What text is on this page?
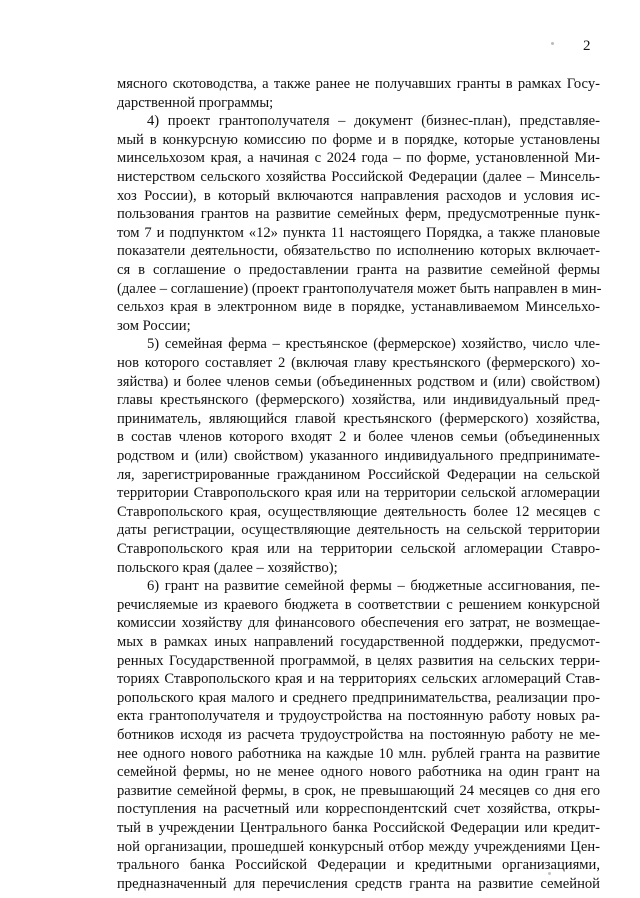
2
мясного скотоводства, а также ранее не получавших гранты в рамках Госу-
дарственной программы;
4) проект грантополучателя – документ (бизнес-план), представляе-
мый в конкурсную комиссию по форме и в порядке, которые установлены
минсельхозом края, а начиная с 2024 года – по форме, установленной Ми-
нистерством сельского хозяйства Российской Федерации (далее – Минсель-
хоз России), в который включаются направления расходов и условия ис-
пользования грантов на развитие семейных ферм, предусмотренные пунк-
том 7 и подпунктом «12» пункта 11 настоящего Порядка, а также плановые
показатели деятельности, обязательство по исполнению которых включает-
ся в соглашение о предоставлении гранта на развитие семейной фермы
(далее – соглашение) (проект грантополучателя может быть направлен в мин-
сельхоз края в электронном виде в порядке, устанавливаемом Минсельхо-
зом России;
5) семейная ферма – крестьянское (фермерское) хозяйство, число чле-
нов которого составляет 2 (включая главу крестьянского (фермерского) хо-
зяйства) и более членов семьи (объединенных родством и (или) свойством)
главы крестьянского (фермерского) хозяйства, или индивидуальный пред-
приниматель, являющийся главой крестьянского (фермерского) хозяйства,
в состав членов которого входят 2 и более членов семьи (объединенных
родством и (или) свойством) указанного индивидуального предпринимате-
ля, зарегистрированные гражданином Российской Федерации на сельской
территории Ставропольского края или на территории сельской агломерации
Ставропольского края, осуществляющие деятельность более 12 месяцев с
даты регистрации, осуществляющие деятельность на сельской территории
Ставропольского края или на территории сельской агломерации Ставро-
польского края (далее – хозяйство);
6) грант на развитие семейной фермы – бюджетные ассигнования, пе-
речисляемые из краевого бюджета в соответствии с решением конкурсной
комиссии хозяйству для финансового обеспечения его затрат, не возмещае-
мых в рамках иных направлений государственной поддержки, предусмот-
ренных Государственной программой, в целях развития на сельских терри-
ториях Ставропольского края и на территориях сельских агломераций Став-
ропольского края малого и среднего предпринимательства, реализации про-
екта грантополучателя и трудоустройства на постоянную работу новых ра-
ботников исходя из расчета трудоустройства на постоянную работу не ме-
нее одного нового работника на каждые 10 млн. рублей гранта на развитие
семейной фермы, но не менее одного нового работника на один грант на
развитие семейной фермы, в срок, не превышающий 24 месяцев со дня его
поступления на расчетный или корреспондентский счет хозяйства, откры-
тый в учреждении Центрального банка Российской Федерации или кредит-
ной организации, прошедшей конкурсный отбор между учреждениями Цен-
трального банка Российской Федерации и кредитными организациями,
предназначенный для перечисления средств гранта на развитие семейной
